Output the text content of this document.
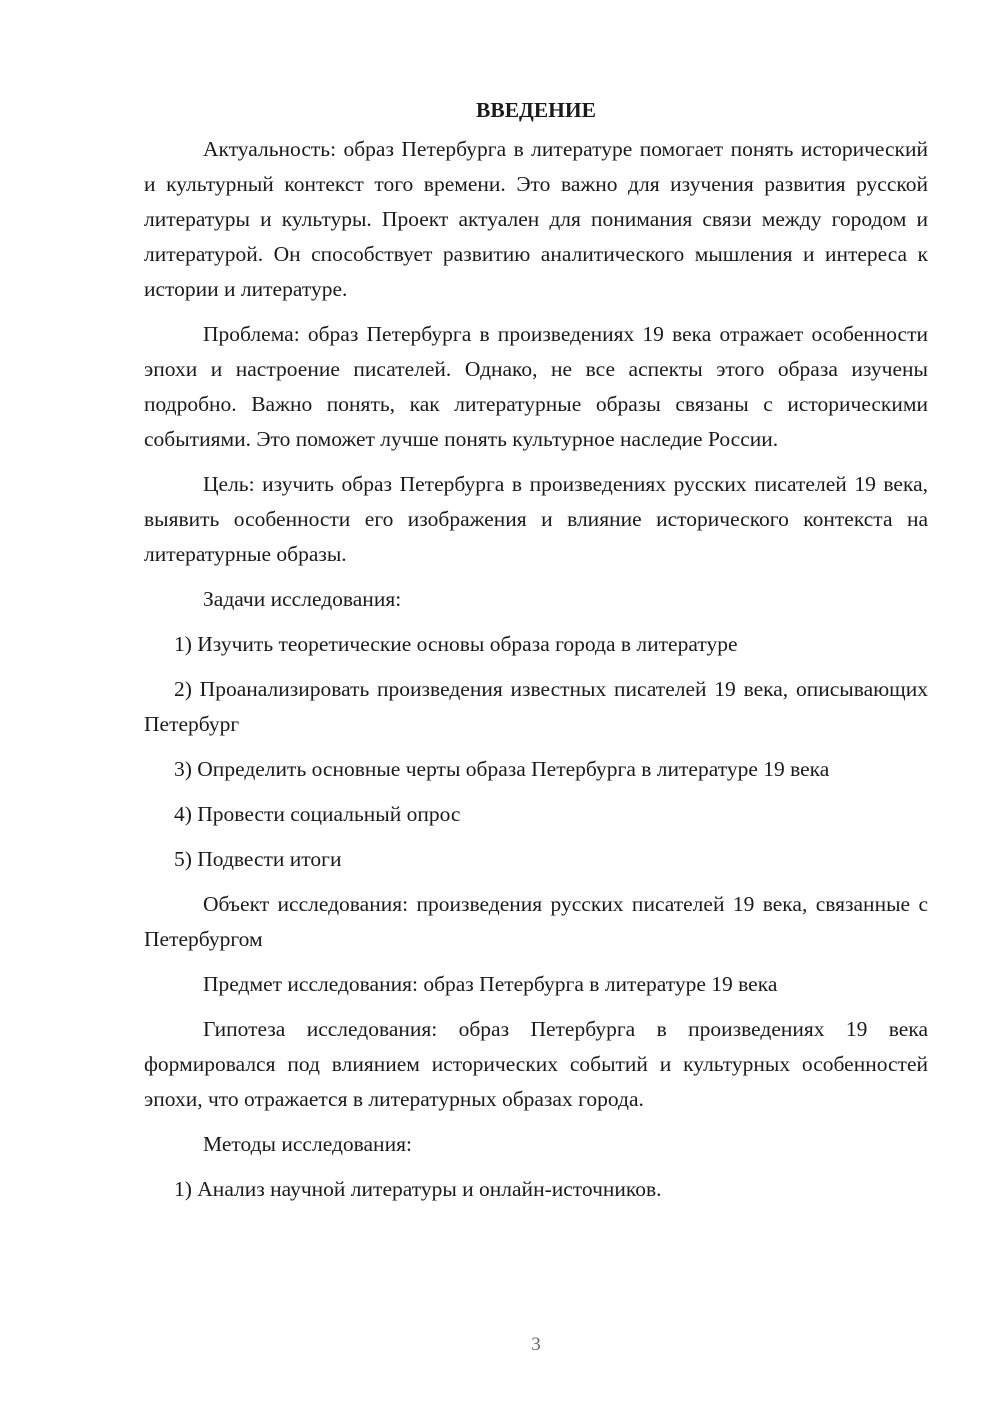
ВВЕДЕНИЕ

Актуальность: образ Петербурга в литературе помогает понять исторический и культурный контекст того времени. Это важно для изучения развития русской литературы и культуры. Проект актуален для понимания связи между городом и литературой. Он способствует развитию аналитического мышления и интереса к истории и литературе.

Проблема: образ Петербурга в произведениях 19 века отражает особенности эпохи и настроение писателей. Однако, не все аспекты этого образа изучены подробно. Важно понять, как литературные образы связаны с историческими событиями. Это поможет лучше понять культурное наследие России.

Цель: изучить образ Петербурга в произведениях русских писателей 19 века, выявить особенности его изображения и влияние исторического контекста на литературные образы.

Задачи исследования:

1) Изучить теоретические основы образа города в литературе

2) Проанализировать произведения известных писателей 19 века, описывающих Петербург

3) Определить основные черты образа Петербурга в литературе 19 века

4) Провести социальный опрос

5) Подвести итоги

Объект исследования: произведения русских писателей 19 века, связанные с Петербургом

Предмет исследования: образ Петербурга в литературе 19 века

Гипотеза исследования: образ Петербурга в произведениях 19 века формировался под влиянием исторических событий и культурных особенностей эпохи, что отражается в литературных образах города.

Методы исследования:

1) Анализ научной литературы и онлайн-источников.

3
